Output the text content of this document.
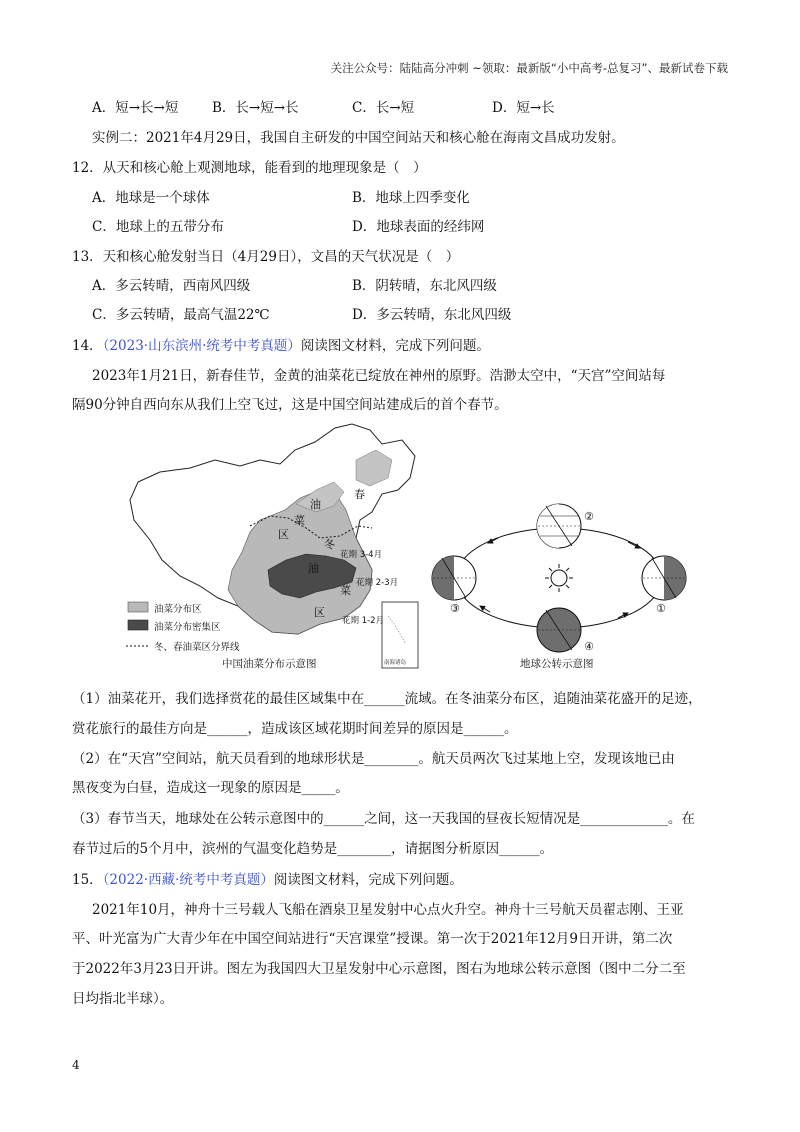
关注公众号：陆陆高分冲刺 ~领取：最新版“小中高考-总复习”、最新试卷下载
A．短→长→短 B．长→短→长	C．长→短	D．短→长
实例二：2021年4月29日，我国自主研发的中国空间站天和核心舱在海南文昌成功发射。
12．从天和核心舱上观测地球，能看到的地理现象是（　）
A．地球是一个球体	B．地球上四季变化
C．地球上的五带分布	D．地球表面的经纬网
13．天和核心舱发射当日（4月29日），文昌的天气状况是（　）
A．多云转晴，西南风四级	B．阴转晴，东北风四级
C．多云转晴，最高气温22℃	D．多云转晴，东北风四级
14．（2023·山东滨州·统考中考真题）阅读图文材料，完成下列问题。
2023年1月21日，新春佳节，金黄的油菜花已绽放在神州的原野。浩渺太空中，“天宫”空间站每
隔90分钟自西向东从我们上空飞过，这是中国空间站建成后的首个春节。
春
油
菜
区
冬
油
菜
区
花期 3-4月
花期 2-3月
花期 1-2月
南海诸岛
油菜分布区
油菜分布密集区
冬、春油菜区分界线
中国油菜分布示意图
②
③
④
①
地球公转示意图
（1）油菜花开，我们选择赏花的最佳区域集中在______流域。在冬油菜分布区，追随油菜花盛开的足迹，
赏花旅行的最佳方向是______，造成该区域花期时间差异的原因是______。
（2）在“天宫”空间站，航天员看到的地球形状是________。航天员两次飞过某地上空，发现该地已由
黑夜变为白昼，造成这一现象的原因是_____。
（3）春节当天，地球处在公转示意图中的______之间，这一天我国的昼夜长短情况是_____________。在
春节过后的5个月中，滨州的气温变化趋势是________，请据图分析原因______。
15．（2022·西藏·统考中考真题）阅读图文材料，完成下列问题。
2021年10月，神舟十三号载人飞船在酒泉卫星发射中心点火升空。神舟十三号航天员翟志刚、王亚
平、叶光富为广大青少年在中国空间站进行“天宫课堂”授课。第一次于2021年12月9日开讲，第二次
于2022年3月23日开讲。图左为我国四大卫星发射中心示意图，图右为地球公转示意图（图中二分二至
日均指北半球）。
4
